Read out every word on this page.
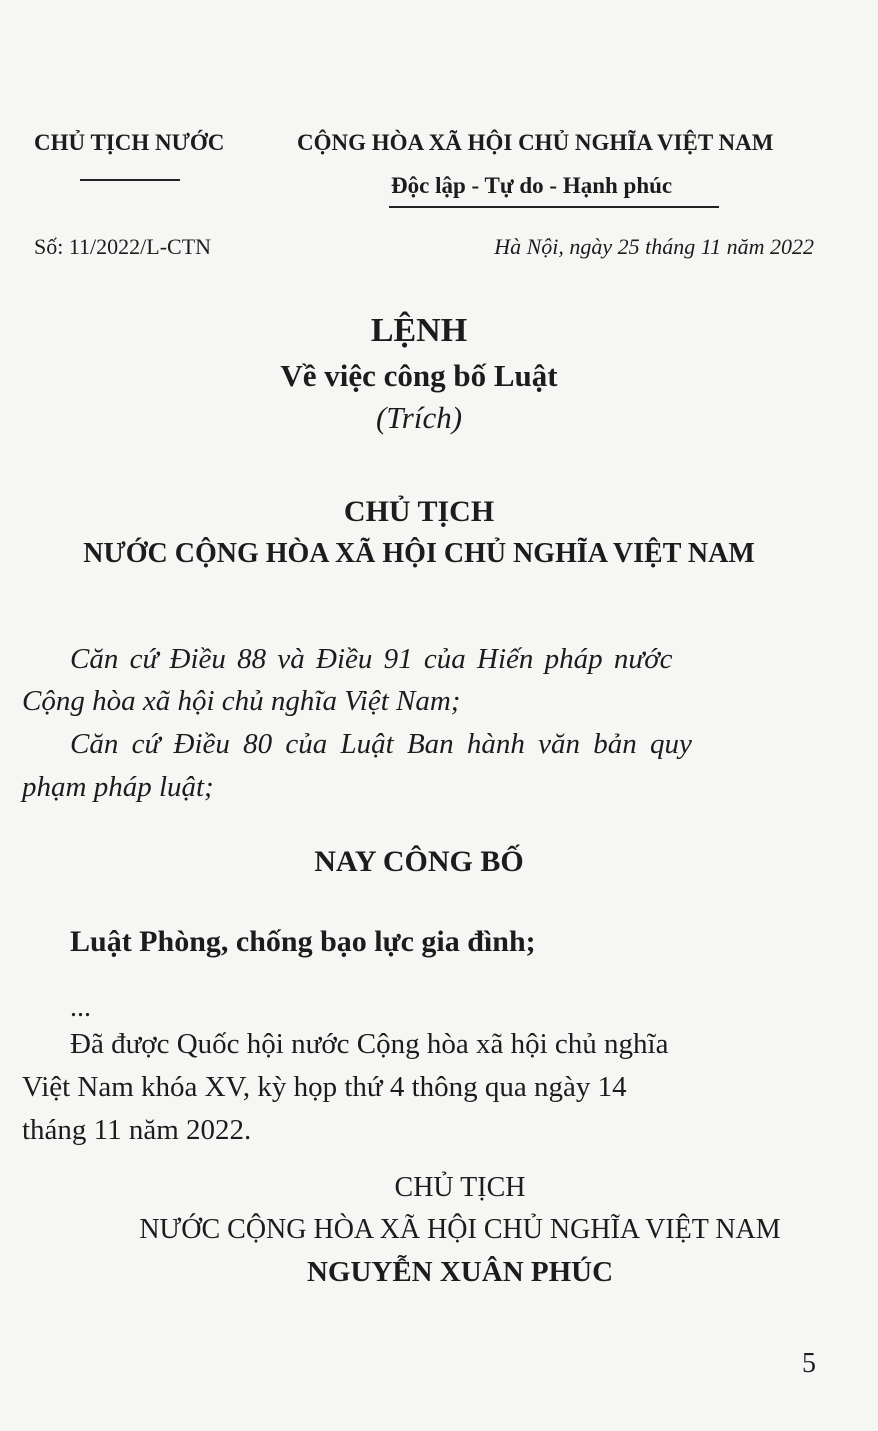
CHỦ TỊCH NƯỚC	CỘNG HÒA XÃ HỘI CHỦ NGHĨA VIỆT NAM
Độc lập - Tự do - Hạnh phúc
Số: 11/2022/L-CTN	Hà Nội, ngày 25 tháng 11 năm 2022
LỆNH
Về việc công bố Luật
(Trích)
CHỦ TỊCH
NƯỚC CỘNG HÒA XÃ HỘI CHỦ NGHĨA VIỆT NAM
Căn cứ Điều 88 và Điều 91 của Hiến pháp nước
Cộng hòa xã hội chủ nghĩa Việt Nam;
Căn cứ Điều 80 của Luật Ban hành văn bản quy
phạm pháp luật;
NAY CÔNG BỐ
Luật Phòng, chống bạo lực gia đình;
...
Đã được Quốc hội nước Cộng hòa xã hội chủ nghĩa
Việt Nam khóa XV, kỳ họp thứ 4 thông qua ngày 14
tháng 11 năm 2022.
CHỦ TỊCH
NƯỚC CỘNG HÒA XÃ HỘI CHỦ NGHĨA VIỆT NAM
NGUYỄN XUÂN PHÚC
5
